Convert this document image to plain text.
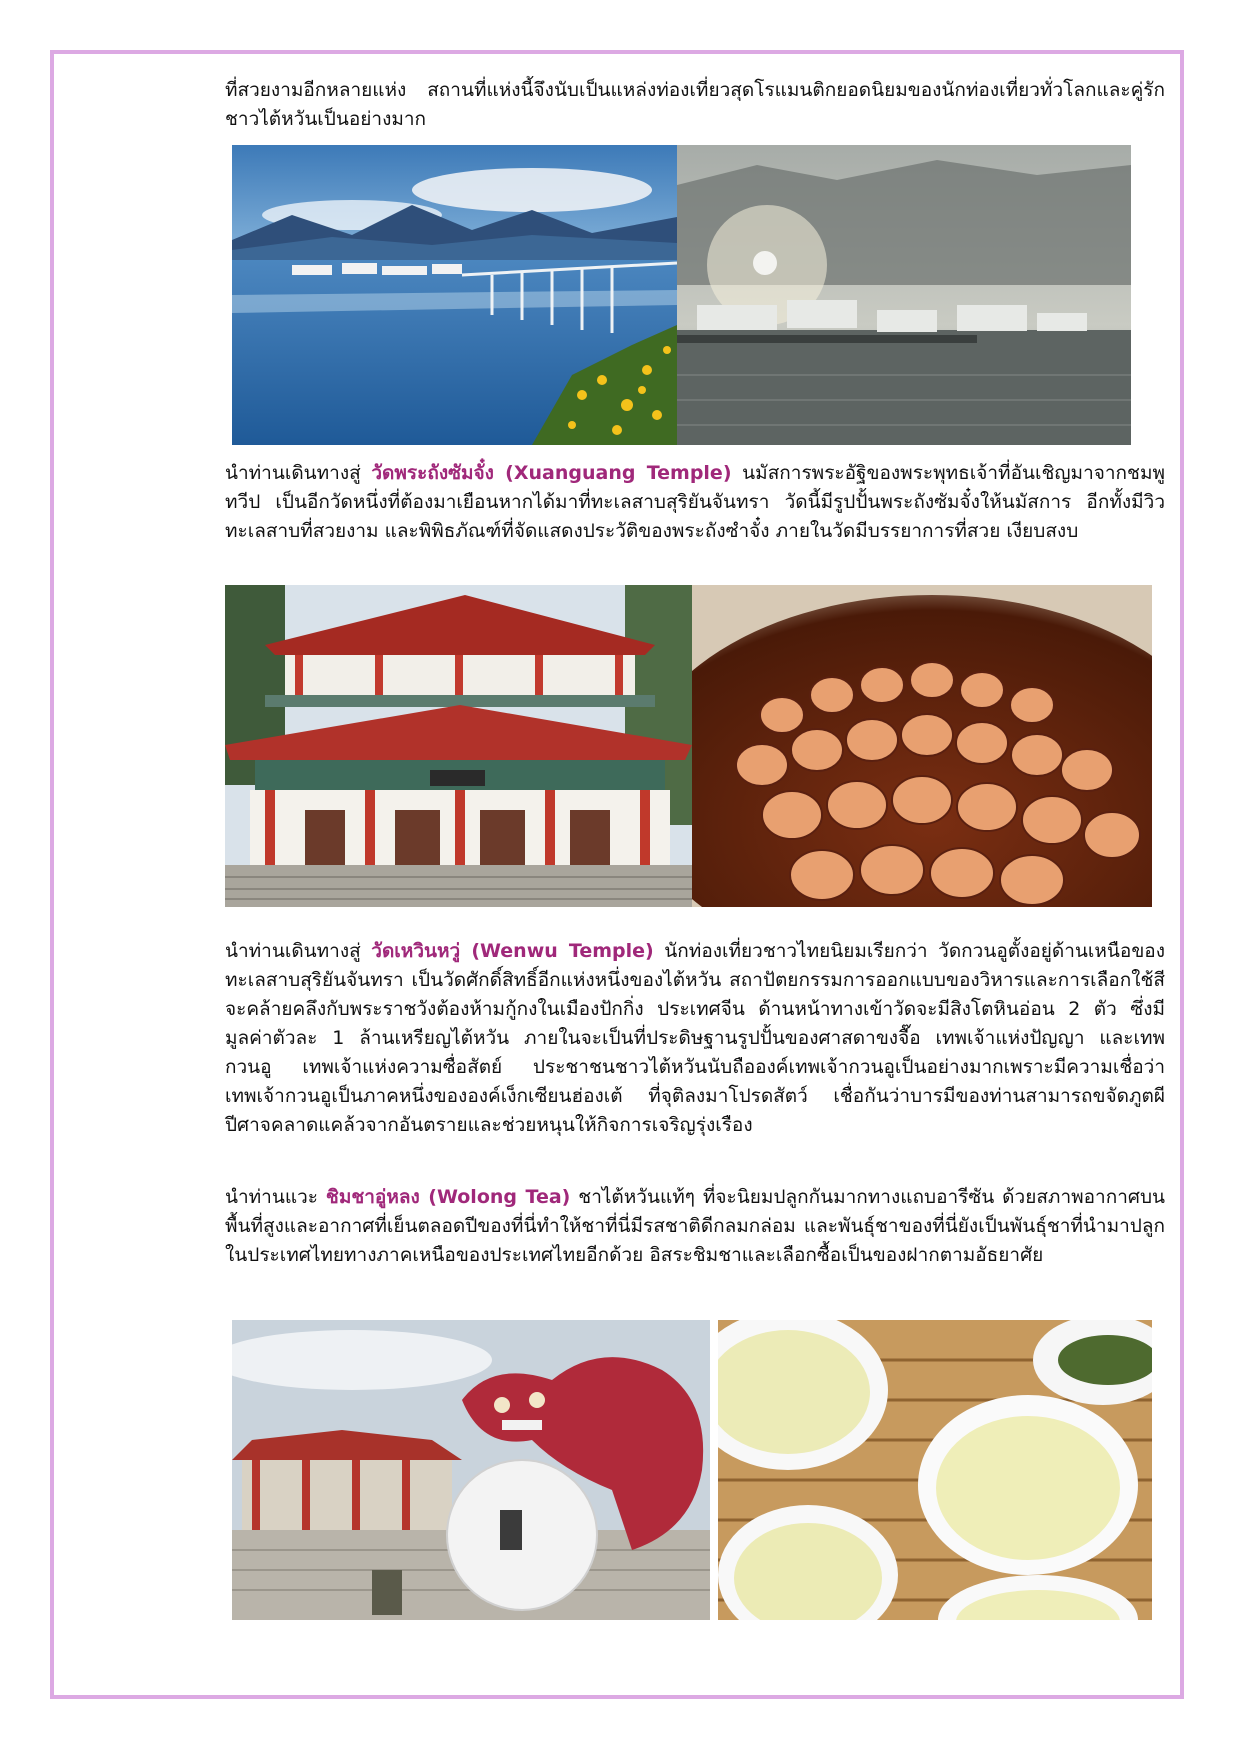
ที่สวยงามอีกหลายแห่ง สถานที่แห่งนี้จึงนับเป็นแหล่งท่องเที่ยวสุดโรแมนติกยอดนิยมของนักท่องเที่ยวทั่วโลกและคู่รักชาวไต้หวันเป็นอย่างมาก

นำท่านเดินทางสู่ วัดพระถังซัมจั๋ง (Xuanguang Temple) นมัสการพระอัฐิของพระพุทธเจ้าที่อันเชิญมาจากชมพูทวีป เป็นอีกวัดหนึ่งที่ต้องมาเยือนหากได้มาที่ทะเลสาบสุริยันจันทรา วัดนี้มีรูปปั้นพระถังซัมจั๋งให้นมัสการ อีกทั้งมีวิวทะเลสาบที่สวยงาม และพิพิธภัณฑ์ที่จัดแสดงประวัติของพระถังซำจั๋ง ภายในวัดมีบรรยาการที่สวย เงียบสงบ

นำท่านเดินทางสู่ วัดเหวินหวู่ (Wenwu Temple) นักท่องเที่ยวชาวไทยนิยมเรียกว่า วัดกวนอูตั้งอยู่ด้านเหนือของทะเลสาบสุริยันจันทรา เป็นวัดศักดิ์สิทธิ์อีกแห่งหนึ่งของไต้หวัน สถาปัตยกรรมการออกแบบของวิหารและการเลือกใช้สีจะคล้ายคลึงกับพระราชวังต้องห้ามกู้กงในเมืองปักกิ่ง ประเทศจีน ด้านหน้าทางเข้าวัดจะมีสิงโตหินอ่อน 2 ตัว ซึ่งมีมูลค่าตัวละ 1 ล้านเหรียญไต้หวัน ภายในจะเป็นที่ประดิษฐานรูปปั้นของศาสดาขงจื๊อ เทพเจ้าแห่งปัญญา และเทพกวนอู เทพเจ้าแห่งความซื่อสัตย์ ประชาชนชาวไต้หวันนับถือองค์เทพเจ้ากวนอูเป็นอย่างมากเพราะมีความเชื่อว่าเทพเจ้ากวนอูเป็นภาคหนึ่งขององค์เง็กเซียนฮ่องเต้ ที่จุติลงมาโปรดสัตว์ เชื่อกันว่าบารมีของท่านสามารถขจัดภูตผีปีศาจคลาดแคล้วจากอันตรายและช่วยหนุนให้กิจการเจริญรุ่งเรือง

นำท่านแวะ ชิมชาอู่หลง (Wolong Tea) ชาไต้หวันแท้ๆ ที่จะนิยมปลูกกันมากทางแถบอารีซัน ด้วยสภาพอากาศบนพื้นที่สูงและอากาศที่เย็นตลอดปีของที่นี่ทำให้ชาที่นี่มีรสชาติดีกลมกล่อม และพันธุ์ชาของที่นี่ยังเป็นพันธุ์ชาที่นำมาปลูกในประเทศไทยทางภาคเหนือของประเทศไทยอีกด้วย อิสระชิมชาและเลือกซื้อเป็นของฝากตามอัธยาศัย
